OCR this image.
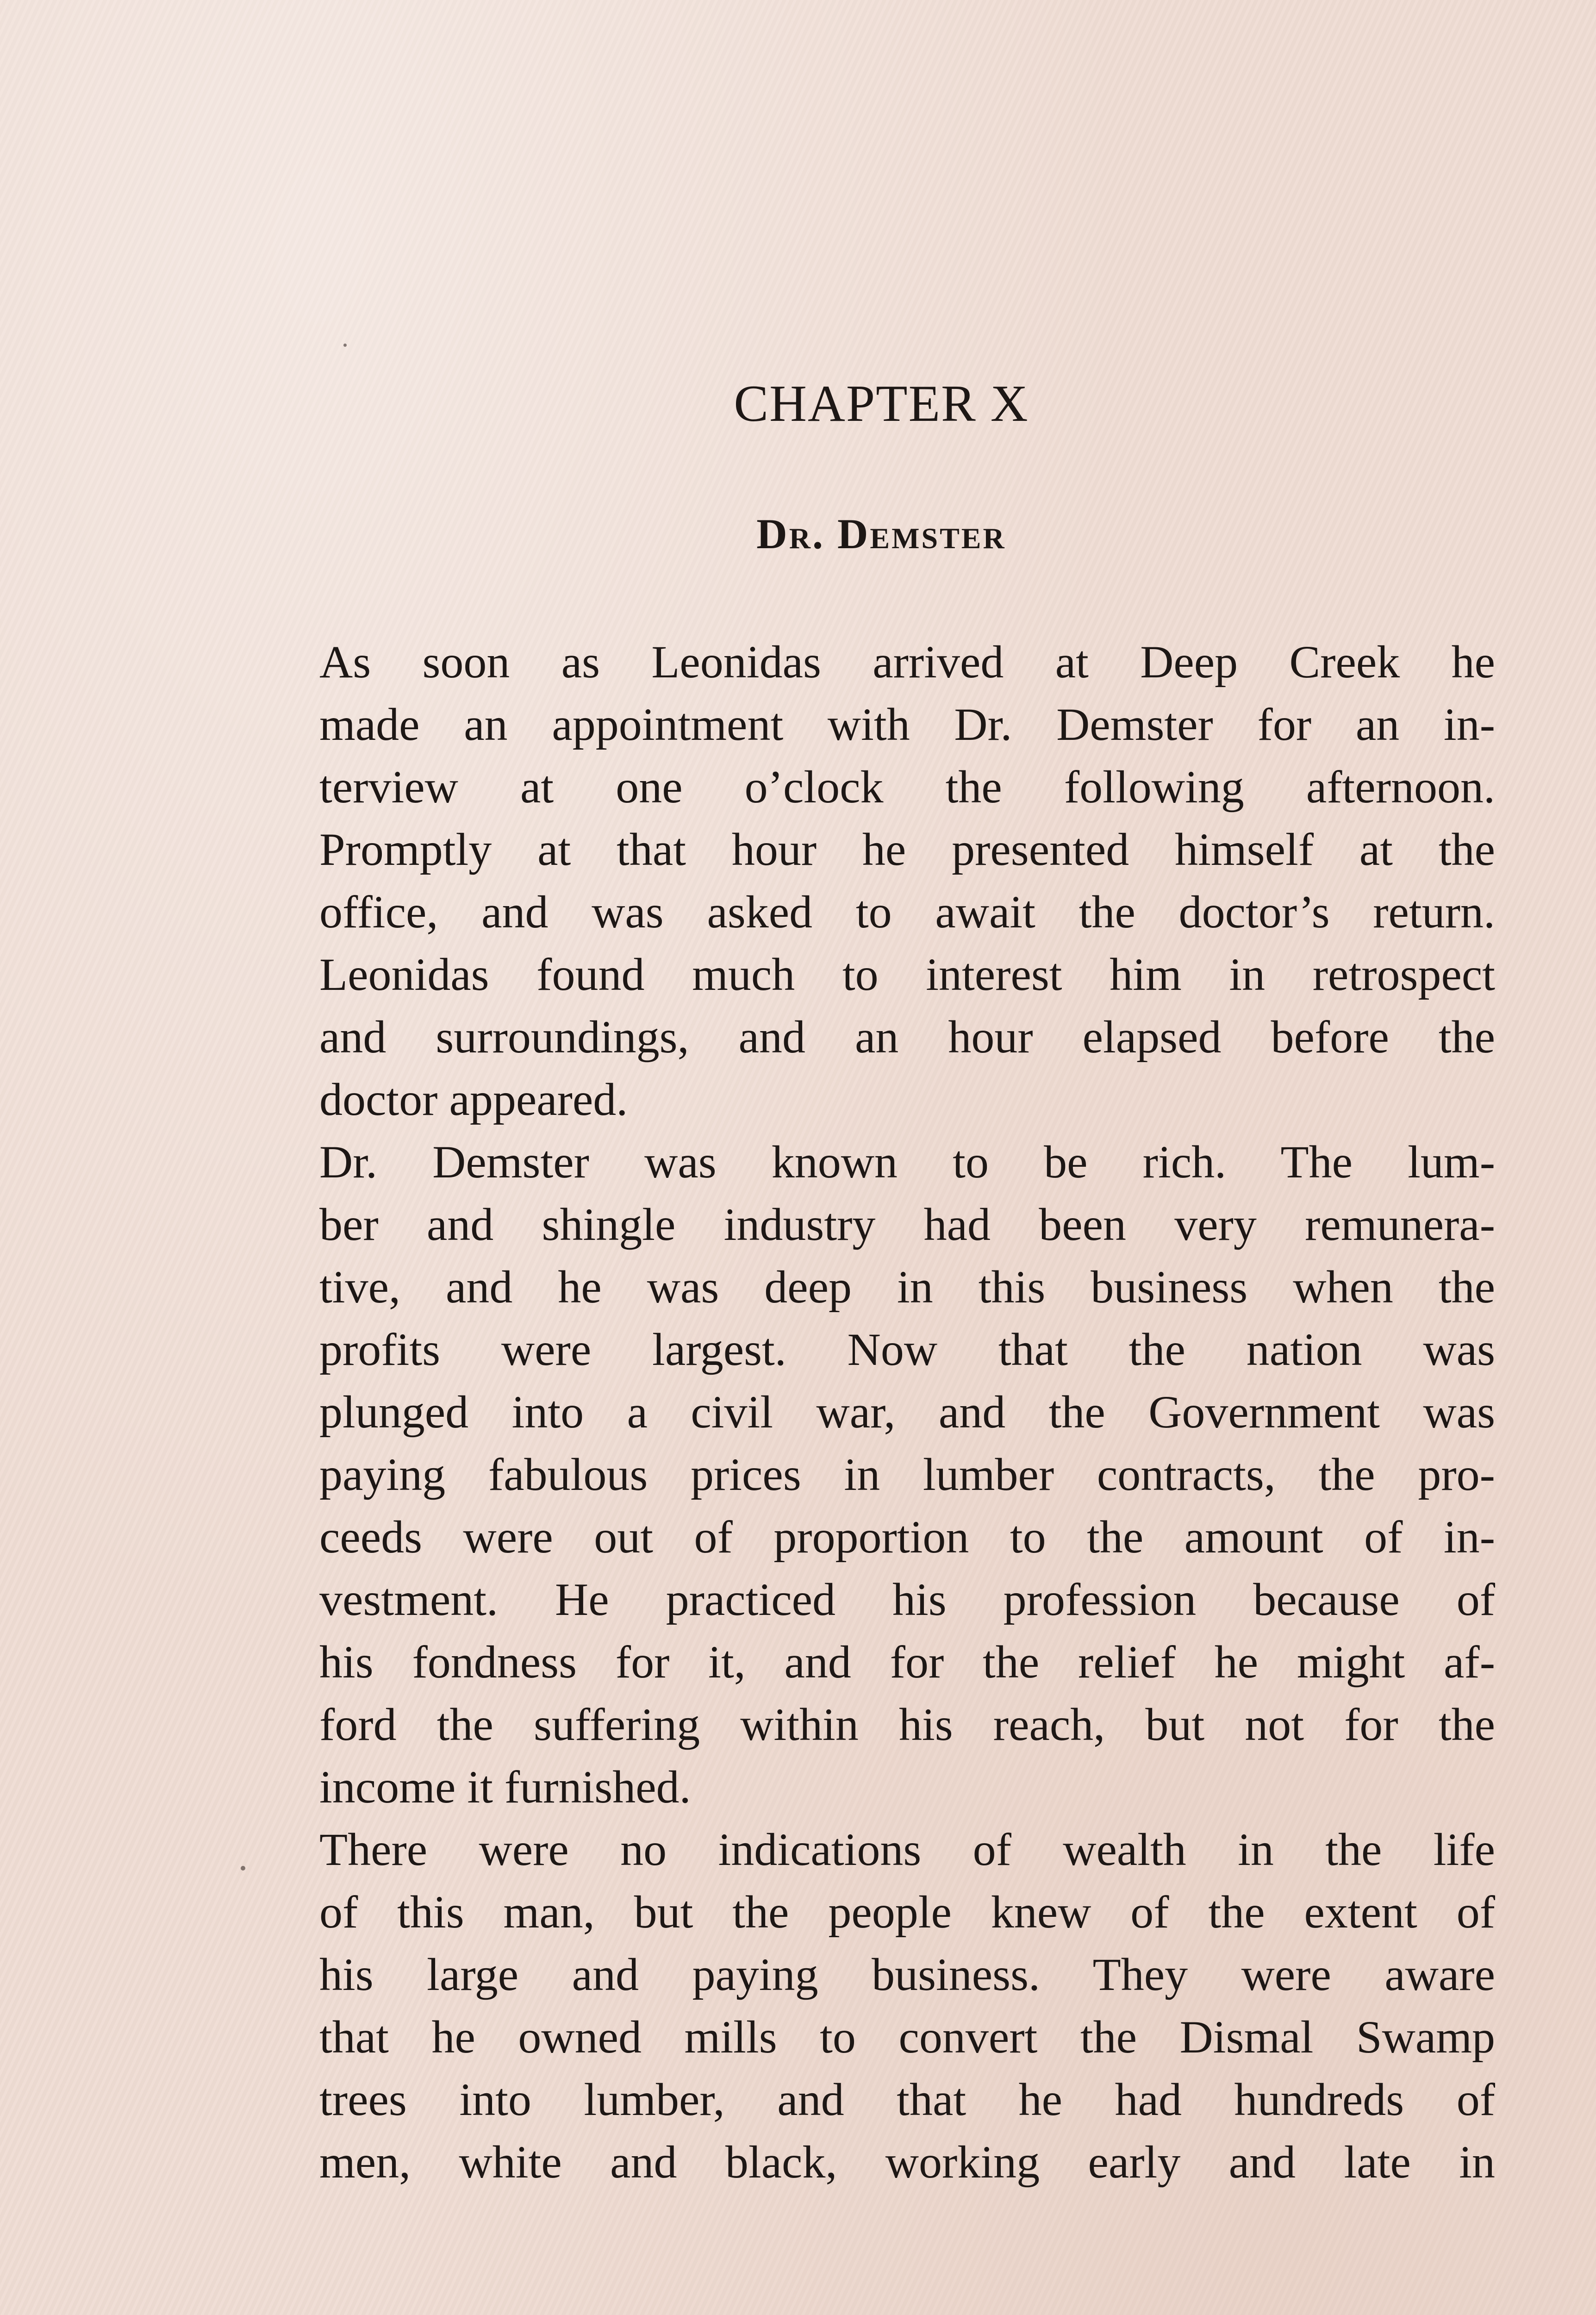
CHAPTER X
Dr. Demster
As soon as Leonidas arrived at Deep Creek he
made an appointment with Dr. Demster for an in-
terview at one o’clock the following afternoon.
Promptly at that hour he presented himself at the
office, and was asked to await the doctor’s return.
Leonidas found much to interest him in retrospect
and surroundings, and an hour elapsed before the
doctor appeared.
Dr. Demster was known to be rich. The lum-
ber and shingle industry had been very remunera-
tive, and he was deep in this business when the
profits were largest. Now that the nation was
plunged into a civil war, and the Government was
paying fabulous prices in lumber contracts, the pro-
ceeds were out of proportion to the amount of in-
vestment. He practiced his profession because of
his fondness for it, and for the relief he might af-
ford the suffering within his reach, but not for the
income it furnished.
There were no indications of wealth in the life
of this man, but the people knew of the extent of
his large and paying business. They were aware
that he owned mills to convert the Dismal Swamp
trees into lumber, and that he had hundreds of
men, white and black, working early and late in
